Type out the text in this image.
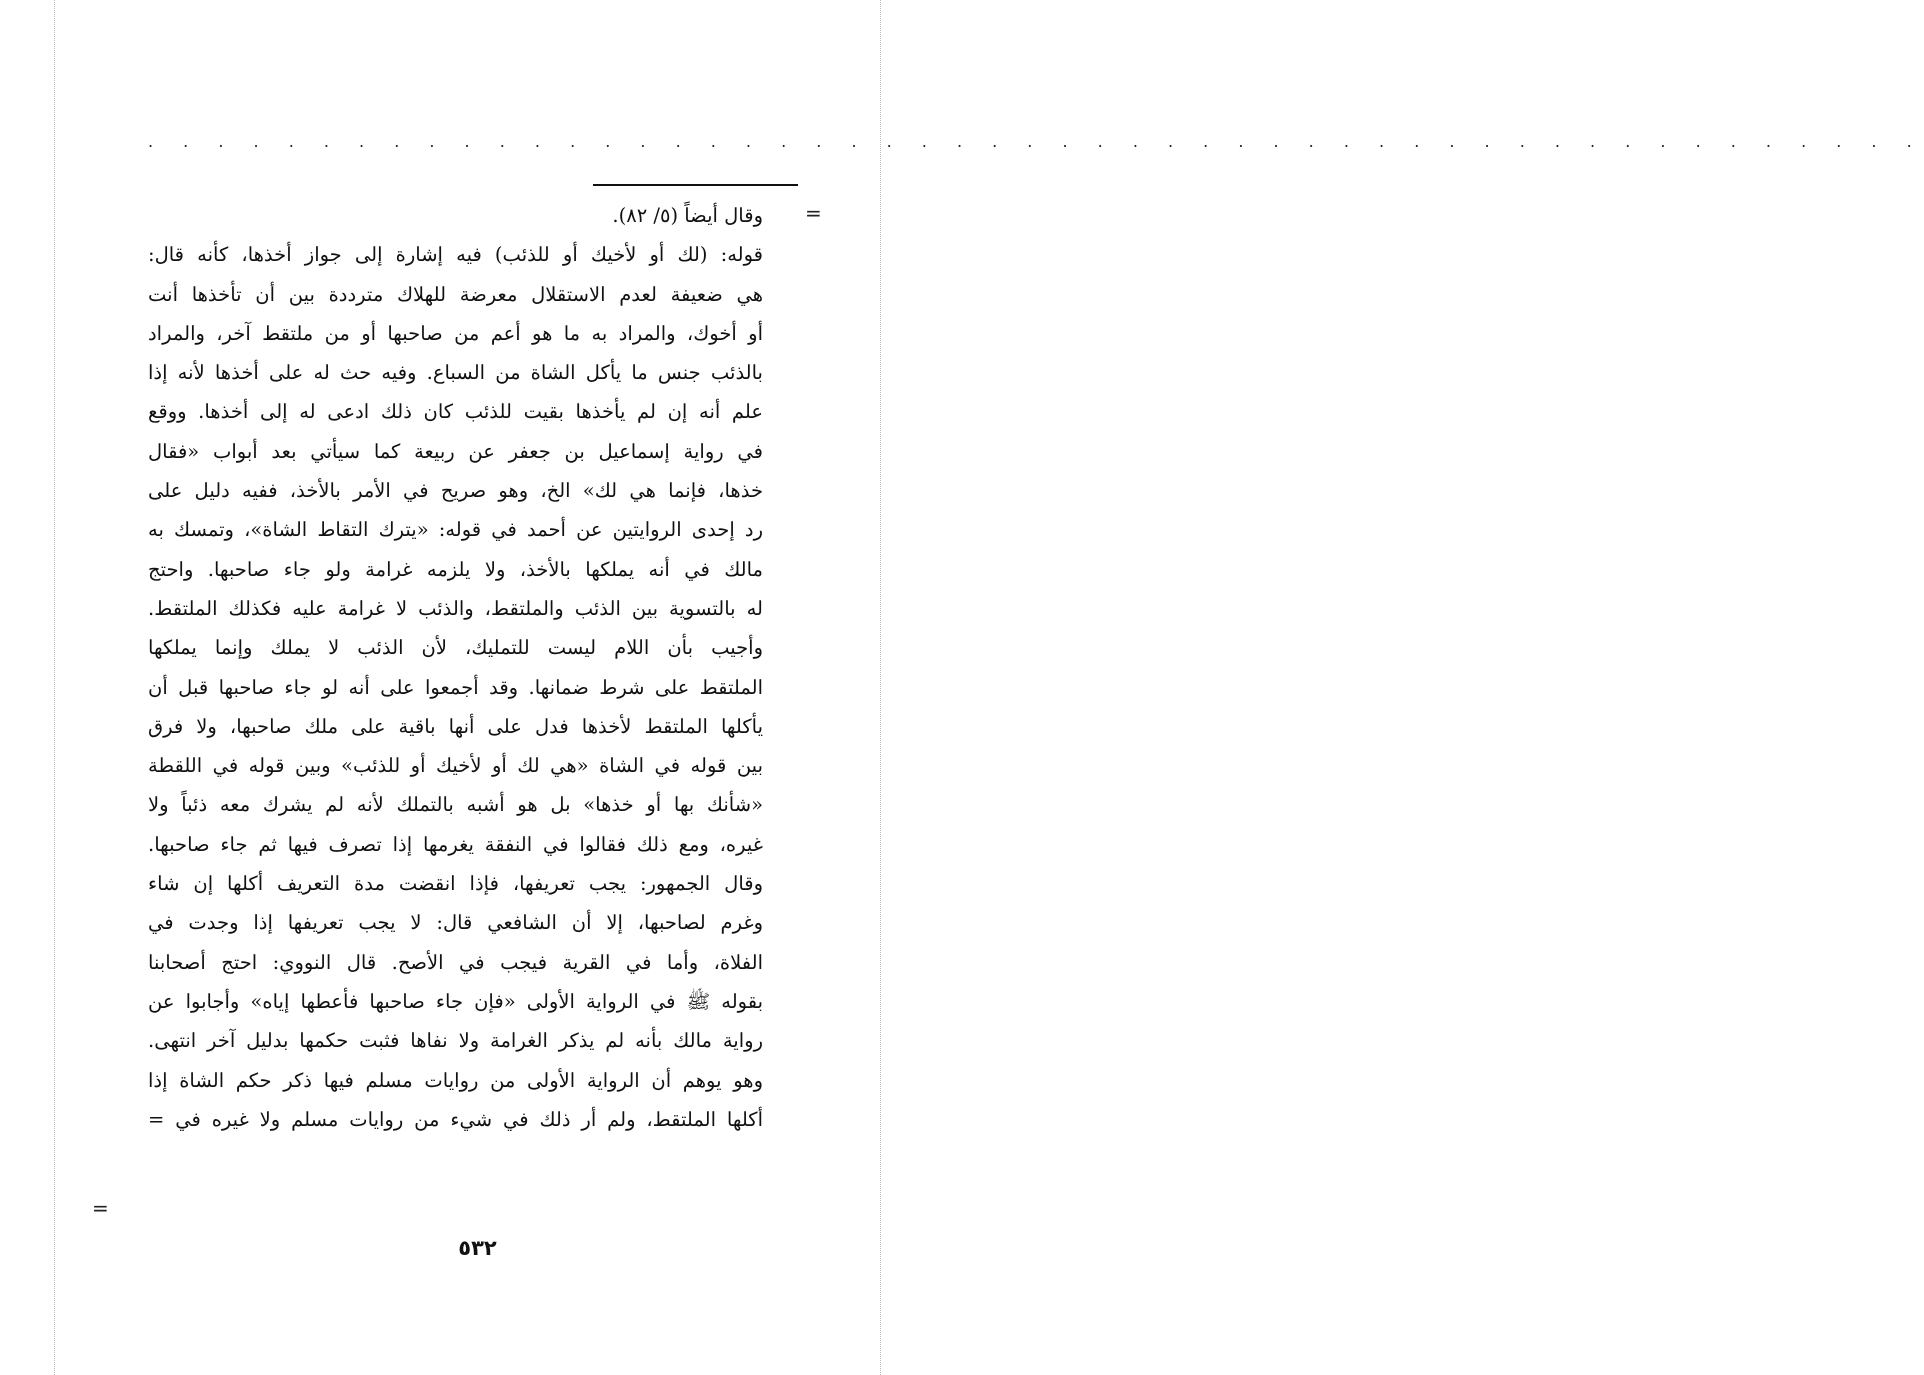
. . . . . . . . . . . . . . . . . . . . . . . . . . . . . . . . . . . . . . . . . . . . . . . . . . .
=
وقال أيضاً (٥/ ٨٢).
قوله: (لك أو لأخيك أو للذئب) فيه إشارة إلى جواز أخذها، كأنه قال:
هي ضعيفة لعدم الاستقلال معرضة للهلاك مترددة بين أن تأخذها أنت
أو أخوك، والمراد به ما هو أعم من صاحبها أو من ملتقط آخر، والمراد
بالذئب جنس ما يأكل الشاة من السباع. وفيه حث له على أخذها لأنه إذا
علم أنه إن لم يأخذها بقيت للذئب كان ذلك ادعى له إلى أخذها. ووقع
في رواية إسماعيل بن جعفر عن ربيعة كما سيأتي بعد أبواب «فقال
خذها، فإنما هي لك» الخ، وهو صريح في الأمر بالأخذ، ففيه دليل على
رد إحدى الروايتين عن أحمد في قوله: «يترك التقاط الشاة»، وتمسك به
مالك في أنه يملكها بالأخذ، ولا يلزمه غرامة ولو جاء صاحبها. واحتج
له بالتسوية بين الذئب والملتقط، والذئب لا غرامة عليه فكذلك الملتقط.
وأجيب بأن اللام ليست للتمليك، لأن الذئب لا يملك وإنما يملكها
الملتقط على شرط ضمانها. وقد أجمعوا على أنه لو جاء صاحبها قبل أن
يأكلها الملتقط لأخذها فدل على أنها باقية على ملك صاحبها، ولا فرق
بين قوله في الشاة «هي لك أو لأخيك أو للذئب» وبين قوله في اللقطة
«شأنك بها أو خذها» بل هو أشبه بالتملك لأنه لم يشرك معه ذئباً ولا
غيره، ومع ذلك فقالوا في النفقة يغرمها إذا تصرف فيها ثم جاء صاحبها.
وقال الجمهور: يجب تعريفها، فإذا انقضت مدة التعريف أكلها إن شاء
وغرم لصاحبها، إلا أن الشافعي قال: لا يجب تعريفها إذا وجدت في
الفلاة، وأما في القرية فيجب في الأصح. قال النووي: احتج أصحابنا
بقوله ﷺ في الرواية الأولى «فإن جاء صاحبها فأعطها إياه» وأجابوا عن
رواية مالك بأنه لم يذكر الغرامة ولا نفاها فثبت حكمها بدليل آخر انتهى.
وهو يوهم أن الرواية الأولى من روايات مسلم فيها ذكر حكم الشاة إذا
أكلها الملتقط، ولم أر ذلك في شيء من روايات مسلم ولا غيره في =
=
٥٣٢
